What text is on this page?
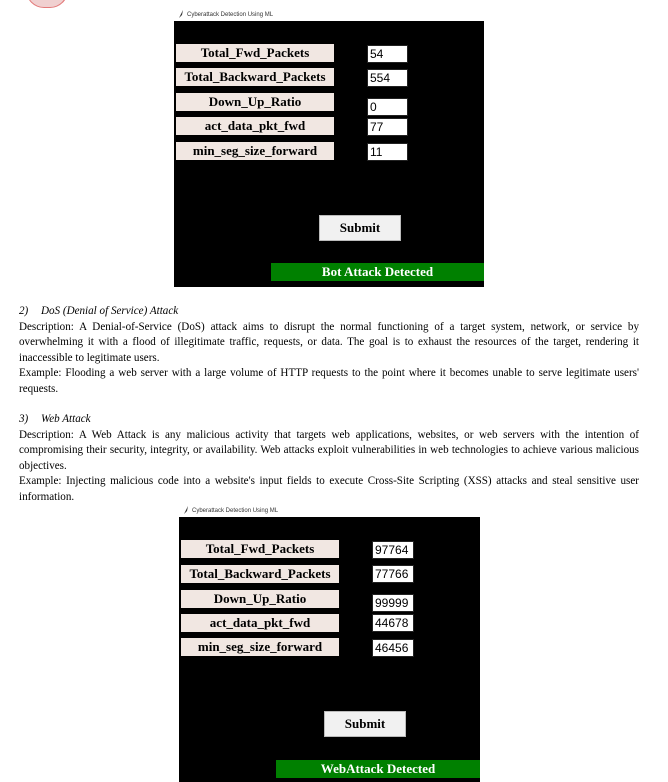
Cyberattack Detection Using ML
Total_Fwd_Packets	54
Total_Backward_Packets	554
Down_Up_Ratio	0
act_data_pkt_fwd	77
min_seg_size_forward	11
Submit
Bot Attack Detected

2) DoS (Denial of Service) Attack

Description: A Denial-of-Service (DoS) attack aims to disrupt the normal functioning of a target system, network, or service by overwhelming it with a flood of illegitimate traffic, requests, or data. The goal is to exhaust the resources of the target, rendering it inaccessible to legitimate users.

Example: Flooding a web server with a large volume of HTTP requests to the point where it becomes unable to serve legitimate users' requests.

3) Web Attack

Description: A Web Attack is any malicious activity that targets web applications, websites, or web servers with the intention of compromising their security, integrity, or availability. Web attacks exploit vulnerabilities in web technologies to achieve various malicious objectives.

Example: Injecting malicious code into a website's input fields to execute Cross-Site Scripting (XSS) attacks and steal sensitive user information.

Cyberattack Detection Using ML
Total_Fwd_Packets	97764
Total_Backward_Packets	77766
Down_Up_Ratio	99999
act_data_pkt_fwd	44678
min_seg_size_forward	46456
Submit
WebAttack Detected
